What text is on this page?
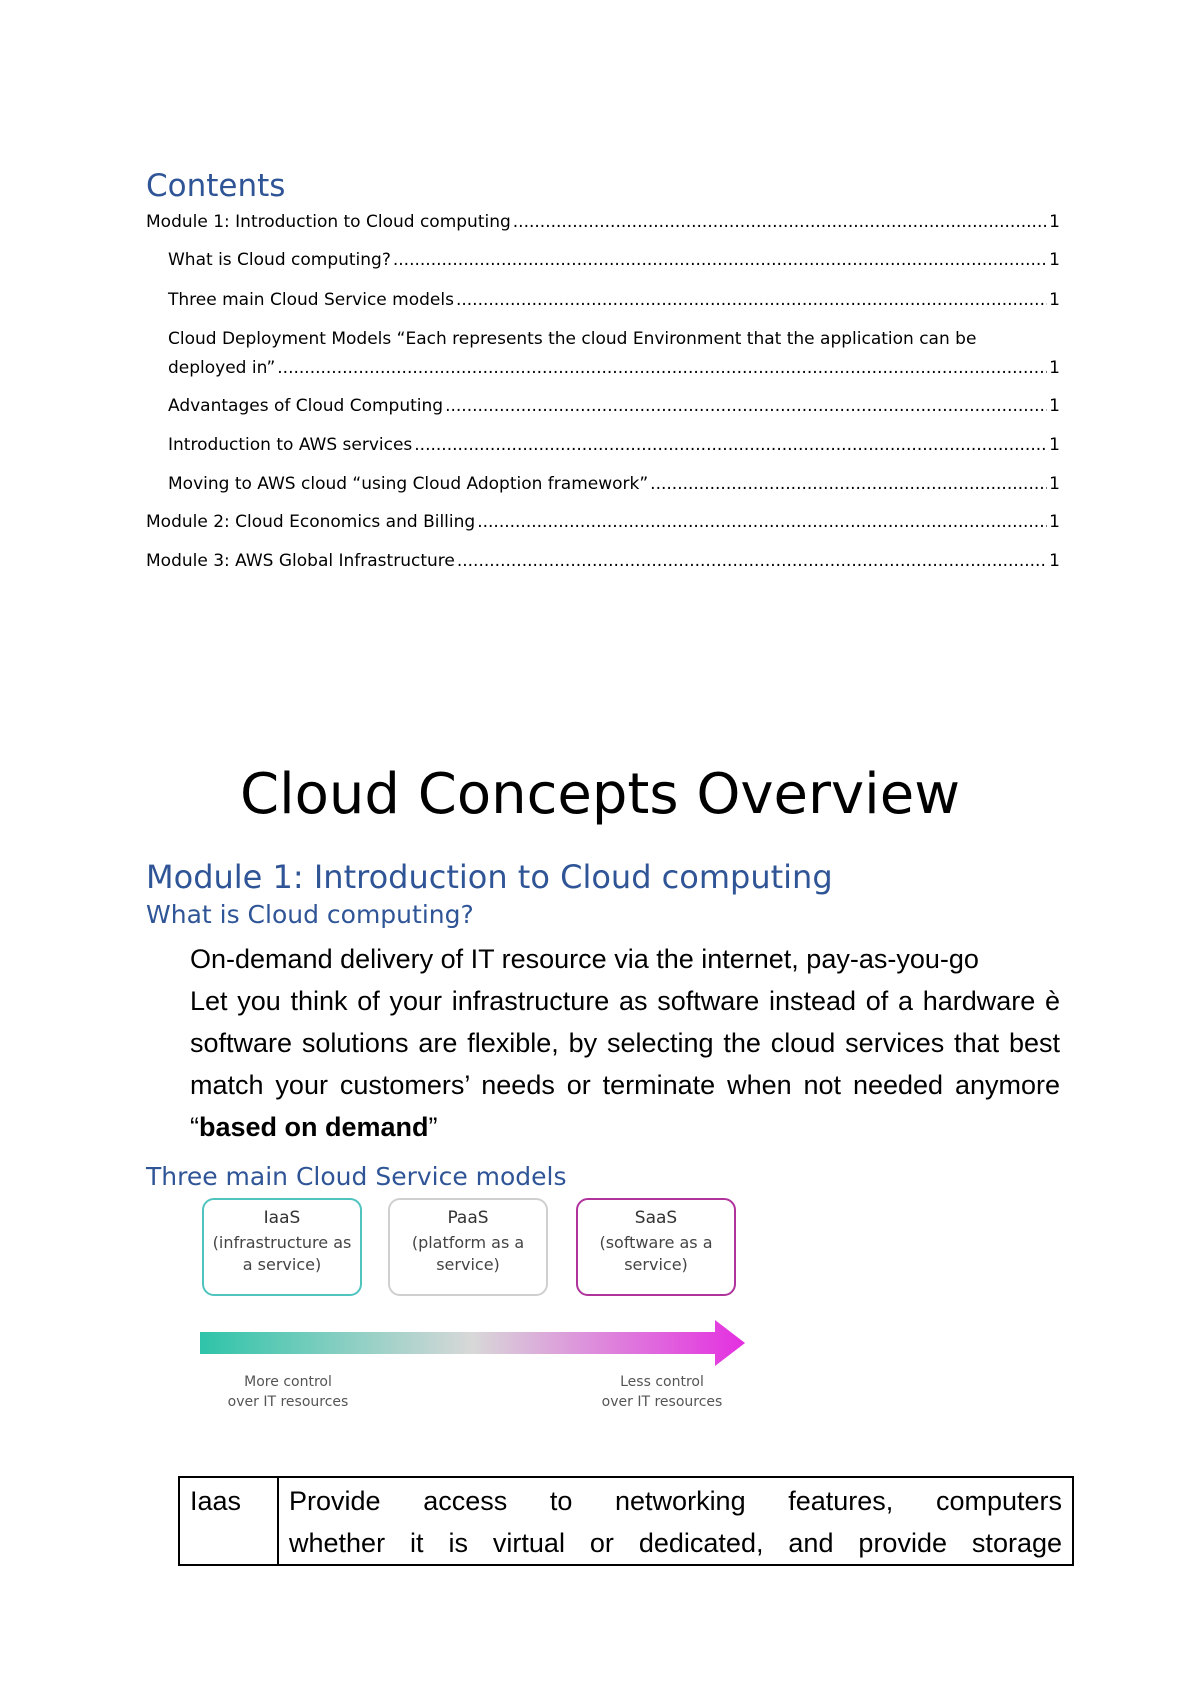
Contents
Module 1: Introduction to Cloud computing .....	1
What is Cloud computing? .....	1
Three main Cloud Service models .....	1
Cloud Deployment Models “Each represents the cloud Environment that the application can be
deployed in” .....	1
Advantages of Cloud Computing .....	1
Introduction to AWS services .....	1
Moving to AWS cloud “using Cloud Adoption framework” .....	1
Module 2: Cloud Economics and Billing .....	1
Module 3: AWS Global Infrastructure .....	1
Cloud Concepts Overview
Module 1: Introduction to Cloud computing
What is Cloud computing?

On-demand delivery of IT resource via the internet, pay-as-you-go

Let you think of your infrastructure as software instead of a hardware è software solutions are flexible, by selecting the cloud services that best match your customers’ needs or terminate when not needed anymore “based on demand”

Three main Cloud Service models
IaaS
(infrastructure as
a service)
PaaS
(platform as a
service)
SaaS
(software as a
service)
More control
over IT resources
Less control
over IT resources
Iaas	Provide access to networking features, computers
whether it is virtual or dedicated, and provide storage
